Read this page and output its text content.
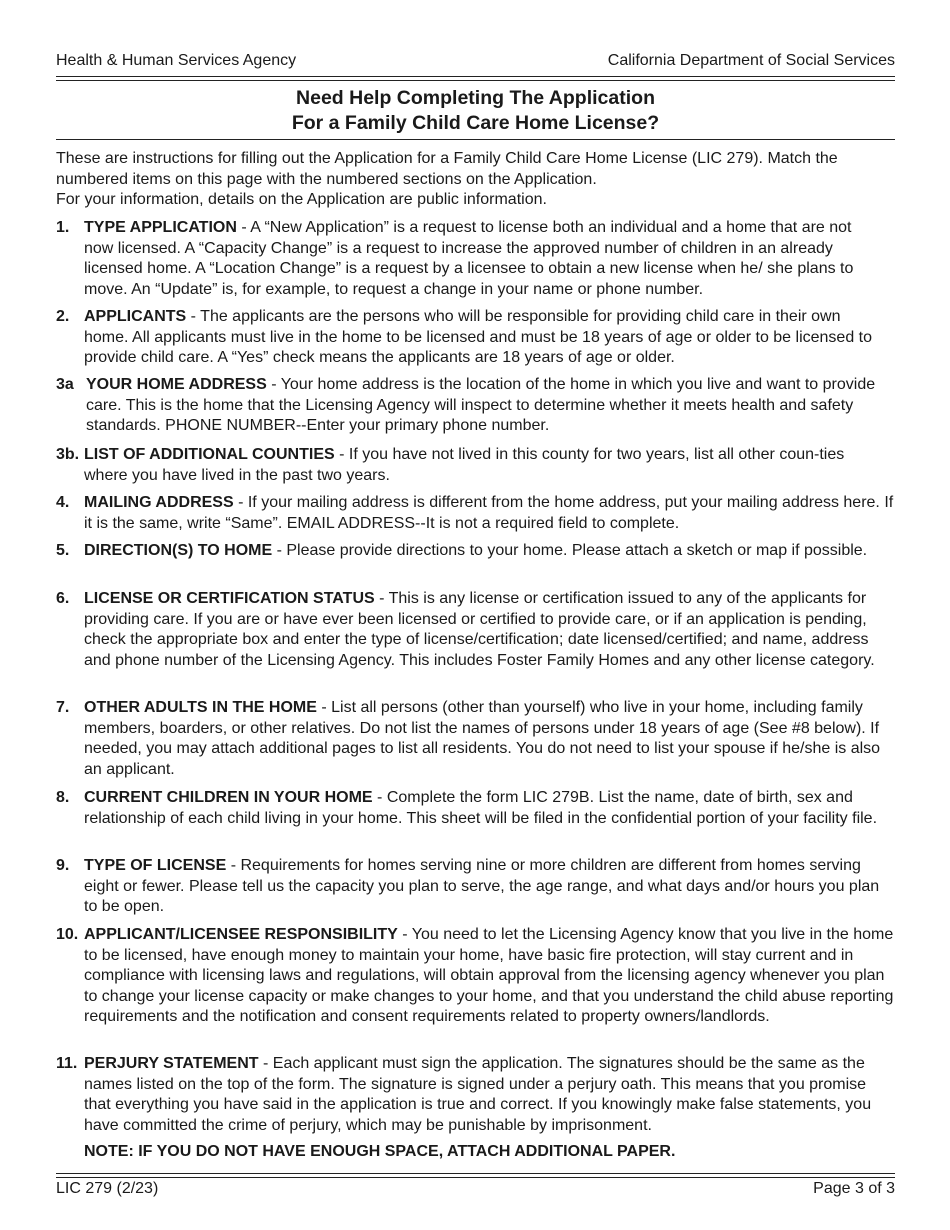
Health & Human Services Agency	California Department of Social Services
Need Help Completing The Application
For a Family Child Care Home License?
These are instructions for filling out the Application for a Family Child Care Home License (LIC 279). Match the numbered items on this page with the numbered sections on the Application.
For your information, details on the Application are public information.
1. TYPE APPLICATION - A “New Application” is a request to license both an individual and a home that are not now licensed. A “Capacity Change” is a request to increase the approved number of children in an already licensed home. A “Location Change” is a request by a licensee to obtain a new license when he/ she plans to move. An “Update” is, for example, to request a change in your name or phone number.
2. APPLICANTS - The applicants are the persons who will be responsible for providing child care in their own home. All applicants must live in the home to be licensed and must be 18 years of age or older to be licensed to provide child care. A “Yes” check means the applicants are 18 years of age or older.
3a YOUR HOME ADDRESS - Your home address is the location of the home in which you live and want to provide care. This is the home that the Licensing Agency will inspect to determine whether it meets health and safety standards. PHONE NUMBER--Enter your primary phone number.
3b. LIST OF ADDITIONAL COUNTIES - If you have not lived in this county for two years, list all other coun-ties where you have lived in the past two years.
4. MAILING ADDRESS - If your mailing address is different from the home address, put your mailing address here. If it is the same, write “Same”. EMAIL ADDRESS--It is not a required field to complete.
5. DIRECTION(S) TO HOME - Please provide directions to your home. Please attach a sketch or map if possible.
6. LICENSE OR CERTIFICATION STATUS - This is any license or certification issued to any of the applicants for providing care. If you are or have ever been licensed or certified to provide care, or if an application is pending, check the appropriate box and enter the type of license/certification; date licensed/certified; and name, address and phone number of the Licensing Agency. This includes Foster Family Homes and any other license category.
7. OTHER ADULTS IN THE HOME - List all persons (other than yourself) who live in your home, including family members, boarders, or other relatives. Do not list the names of persons under 18 years of age (See #8 below). If needed, you may attach additional pages to list all residents. You do not need to list your spouse if he/she is also an applicant.
8. CURRENT CHILDREN IN YOUR HOME - Complete the form LIC 279B. List the name, date of birth, sex and relationship of each child living in your home. This sheet will be filed in the confidential portion of your facility file.
9. TYPE OF LICENSE - Requirements for homes serving nine or more children are different from homes serving eight or fewer. Please tell us the capacity you plan to serve, the age range, and what days and/or hours you plan to be open.
10. APPLICANT/LICENSEE RESPONSIBILITY - You need to let the Licensing Agency know that you live in the home to be licensed, have enough money to maintain your home, have basic fire protection, will stay current and in compliance with licensing laws and regulations, will obtain approval from the licensing agency whenever you plan to change your license capacity or make changes to your home, and that you understand the child abuse reporting requirements and the notification and consent requirements related to property owners/landlords.
11. PERJURY STATEMENT - Each applicant must sign the application. The signatures should be the same as the names listed on the top of the form. The signature is signed under a perjury oath. This means that you promise that everything you have said in the application is true and correct. If you knowingly make false statements, you have committed the crime of perjury, which may be punishable by imprisonment.
NOTE: IF YOU DO NOT HAVE ENOUGH SPACE, ATTACH ADDITIONAL PAPER.
LIC 279 (2/23)	Page 3 of 3
